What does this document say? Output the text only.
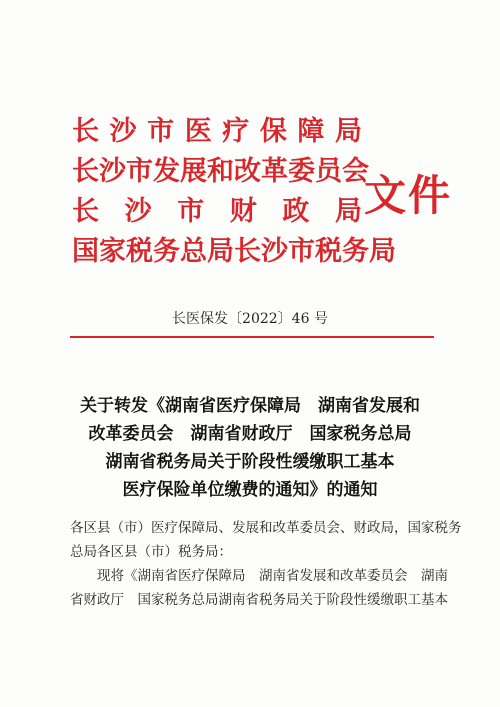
长沙市医疗保障局
长沙市发展和改革委员会
长 沙 市 财 政 局
国家税务总局长沙市税务局
文件
长医保发〔2022〕46 号
关于转发《湖南省医疗保障局　湖南省发展和
改革委员会　湖南省财政厅　国家税务总局
湖南省税务局关于阶段性缓缴职工基本
医疗保险单位缴费的通知》的通知

各区县（市）医疗保障局、发展和改革委员会、财政局，国家税务

总局各区县（市）税务局：

　　现将《湖南省医疗保障局　湖南省发展和改革委员会　湖南

省财政厅　国家税务总局湖南省税务局关于阶段性缓缴职工基本
